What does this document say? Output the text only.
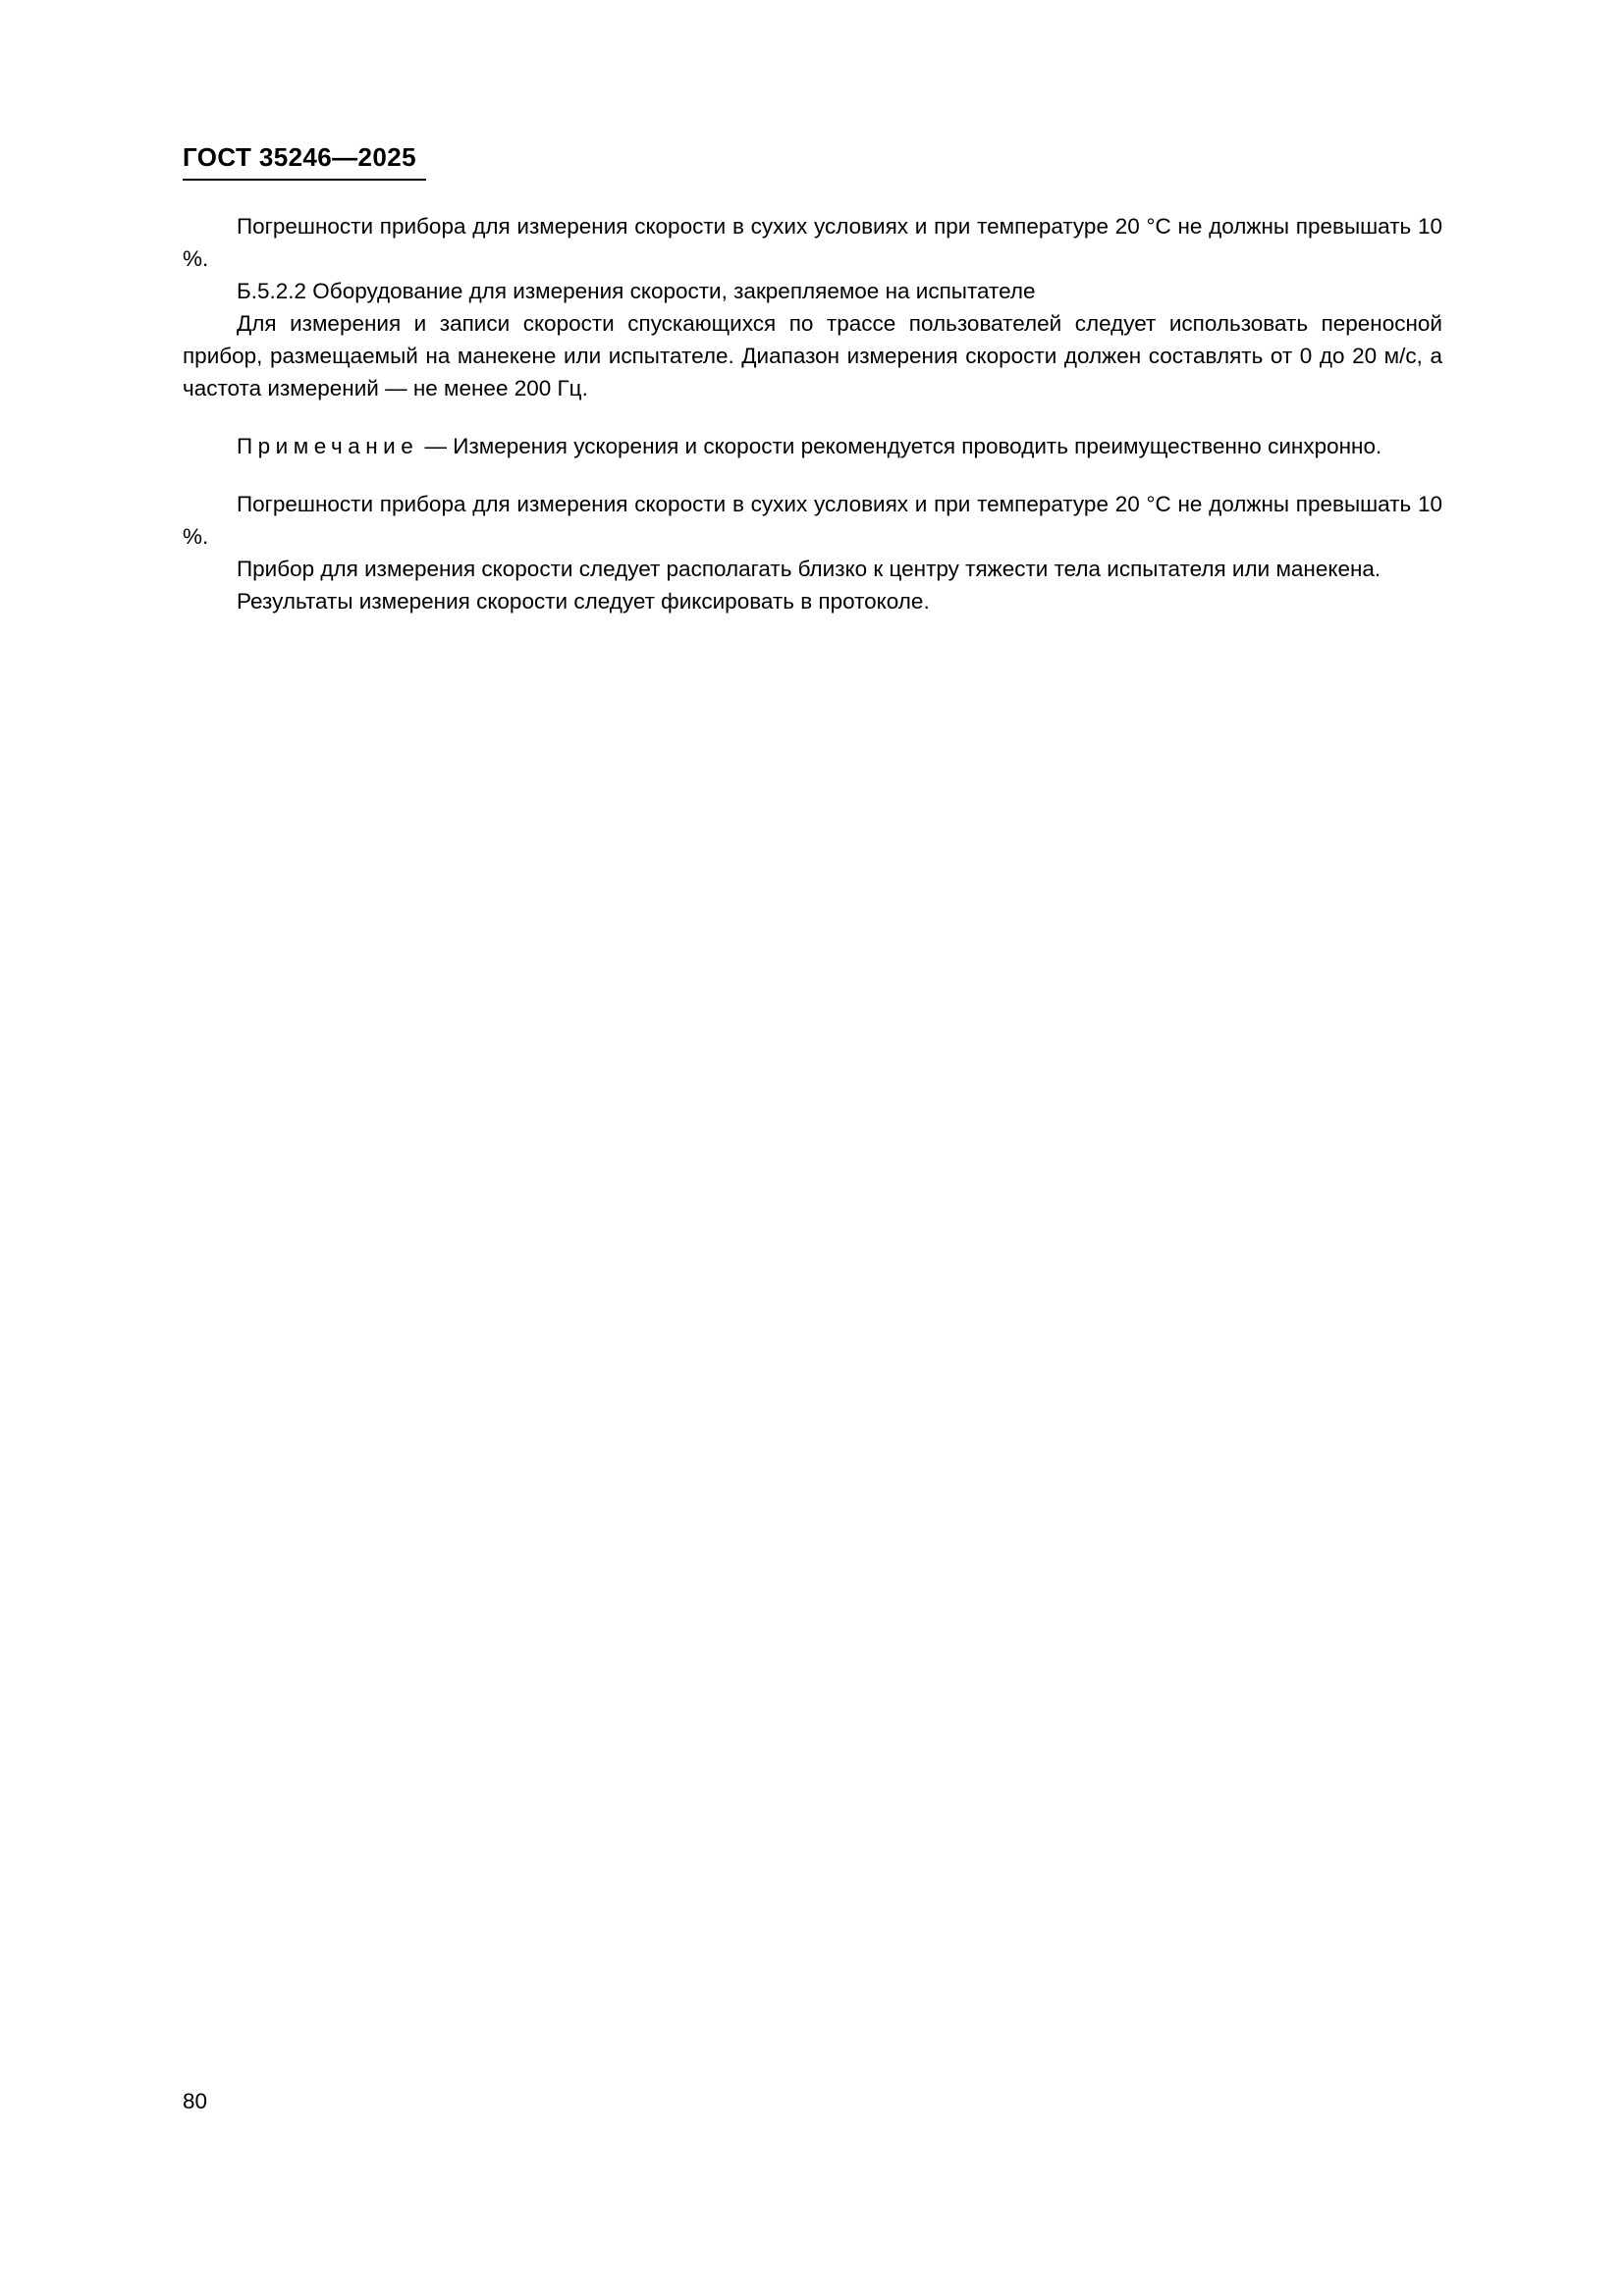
ГОСТ 35246—2025

Погрешности прибора для измерения скорости в сухих условиях и при температуре 20 °С не должны превышать 10 %.

Б.5.2.2 Оборудование для измерения скорости, закрепляемое на испытателе

Для измерения и записи скорости спускающихся по трассе пользователей следует использовать переносной прибор, размещаемый на манекене или испытателе. Диапазон измерения скорости должен составлять от 0 до 20 м/с, а частота измерений — не менее 200 Гц.

Примечание — Измерения ускорения и скорости рекомендуется проводить преимущественно синхронно.

Погрешности прибора для измерения скорости в сухих условиях и при температуре 20 °С не должны превышать 10 %.

Прибор для измерения скорости следует располагать близко к центру тяжести тела испытателя или манекена.

Результаты измерения скорости следует фиксировать в протоколе.

80
